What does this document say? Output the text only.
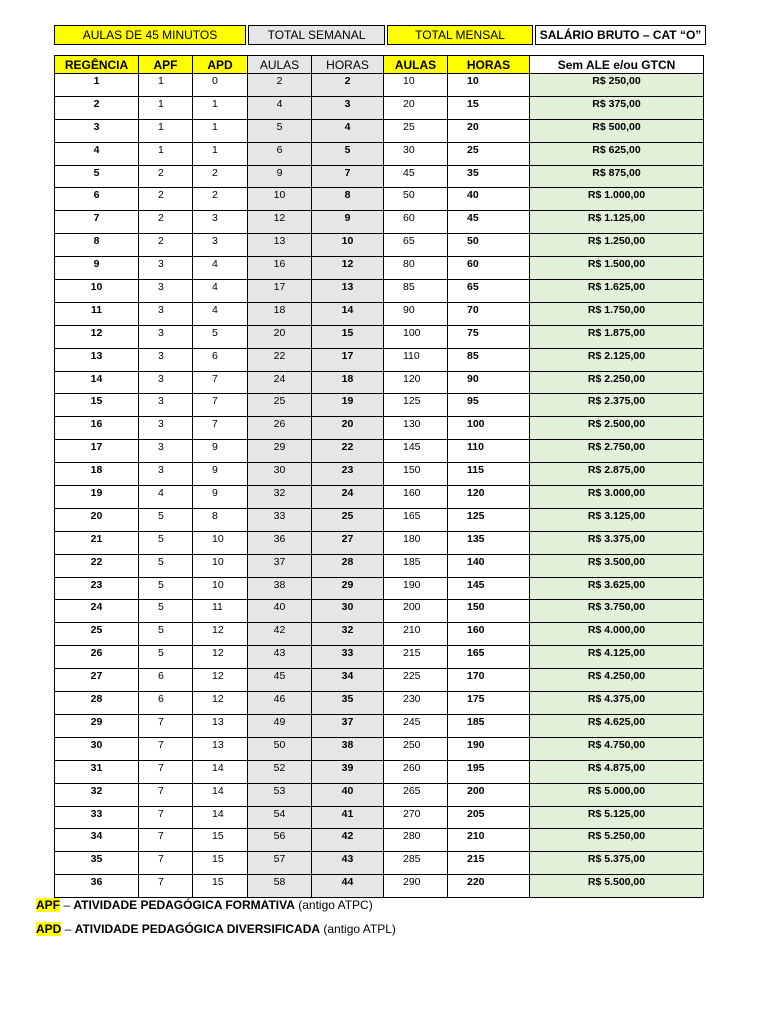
AULAS DE 45 MINUTOS		TOTAL SEMANAL		TOTAL MENSAL		SALÁRIO BRUTO – CAT “O”
REGÊNCIA	APF	APD	AULAS	HORAS	AULAS	HORAS	Sem ALE e/ou GTCN
1	1	0	2	2	10	10	R$ 250,00
2	1	1	4	3	20	15	R$ 375,00
3	1	1	5	4	25	20	R$ 500,00
4	1	1	6	5	30	25	R$ 625,00
5	2	2	9	7	45	35	R$ 875,00
6	2	2	10	8	50	40	R$ 1.000,00
7	2	3	12	9	60	45	R$ 1.125,00
8	2	3	13	10	65	50	R$ 1.250,00
9	3	4	16	12	80	60	R$ 1.500,00
10	3	4	17	13	85	65	R$ 1.625,00
11	3	4	18	14	90	70	R$ 1.750,00
12	3	5	20	15	100	75	R$ 1.875,00
13	3	6	22	17	110	85	R$ 2.125,00
14	3	7	24	18	120	90	R$ 2.250,00
15	3	7	25	19	125	95	R$ 2.375,00
16	3	7	26	20	130	100	R$ 2.500,00
17	3	9	29	22	145	110	R$ 2.750,00
18	3	9	30	23	150	115	R$ 2.875,00
19	4	9	32	24	160	120	R$ 3.000,00
20	5	8	33	25	165	125	R$ 3.125,00
21	5	10	36	27	180	135	R$ 3.375,00
22	5	10	37	28	185	140	R$ 3.500,00
23	5	10	38	29	190	145	R$ 3.625,00
24	5	11	40	30	200	150	R$ 3.750,00
25	5	12	42	32	210	160	R$ 4.000,00
26	5	12	43	33	215	165	R$ 4.125,00
27	6	12	45	34	225	170	R$ 4.250,00
28	6	12	46	35	230	175	R$ 4.375,00
29	7	13	49	37	245	185	R$ 4.625,00
30	7	13	50	38	250	190	R$ 4.750,00
31	7	14	52	39	260	195	R$ 4.875,00
32	7	14	53	40	265	200	R$ 5.000,00
33	7	14	54	41	270	205	R$ 5.125,00
34	7	15	56	42	280	210	R$ 5.250,00
35	7	15	57	43	285	215	R$ 5.375,00
36	7	15	58	44	290	220	R$ 5.500,00
APF – ATIVIDADE PEDAGÓGICA FORMATIVA (antigo ATPC)
APD – ATIVIDADE PEDAGÓGICA DIVERSIFICADA (antigo ATPL)
